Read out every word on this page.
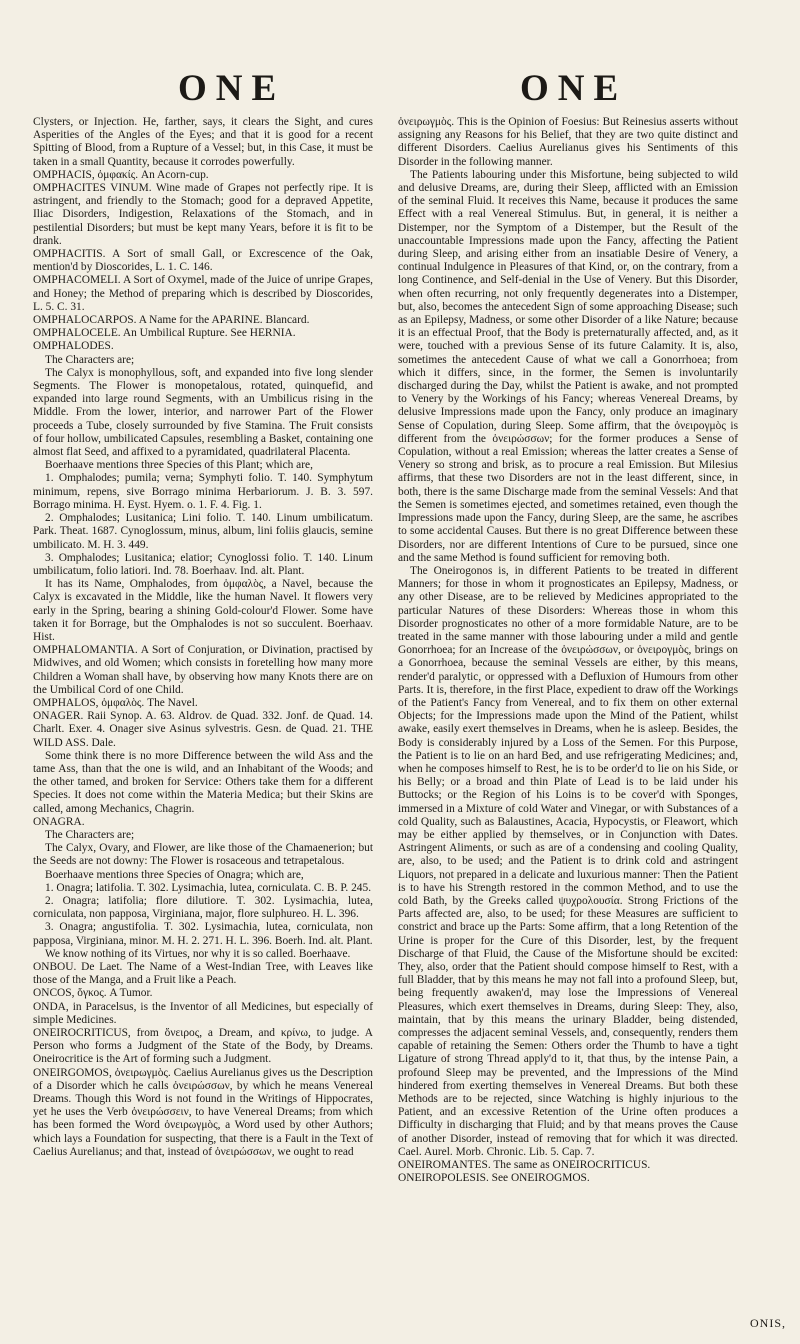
ONE	ONE

Clysters, or Injection. He, farther, says, it clears the Sight, and cures Asperities of the Angles of the Eyes; and that it is good for a recent Spitting of Blood, from a Rupture of a Vessel; but, in this Case, it must be taken in a small Quantity, because it corrodes powerfully.

OMPHACIS, ὀμφακίς. An Acorn-cup.

OMPHACITES VINUM. Wine made of Grapes not perfectly ripe. It is astringent, and friendly to the Stomach; good for a depraved Appetite, Iliac Disorders, Indigestion, Relaxations of the Stomach, and in pestilential Disorders; but must be kept many Years, before it is fit to be drank.

OMPHACITIS. A Sort of small Gall, or Excrescence of the Oak, mention'd by Dioscorides, L. 1. C. 146.

OMPHACOMELI. A Sort of Oxymel, made of the Juice of unripe Grapes, and Honey; the Method of preparing which is described by Dioscorides, L. 5. C. 31.

OMPHALOCARPOS. A Name for the APARINE. Blancard.

OMPHALOCELE. An Umbilical Rupture. See HERNIA.

OMPHALODES.

The Characters are;

The Calyx is monophyllous, soft, and expanded into five long slender Segments. The Flower is monopetalous, rotated, quinquefid, and expanded into large round Segments, with an Umbilicus rising in the Middle. From the lower, interior, and narrower Part of the Flower proceeds a Tube, closely surrounded by five Stamina. The Fruit consists of four hollow, umbilicated Capsules, resembling a Basket, containing one almost flat Seed, and affixed to a pyramidated, quadrilateral Placenta.

Boerhaave mentions three Species of this Plant; which are,

1. Omphalodes; pumila; verna; Symphyti folio. T. 140. Symphytum minimum, repens, sive Borrago minima Herbariorum. J. B. 3. 597. Borrago minima. H. Eyst. Hyem. o. 1. F. 4. Fig. 1.

2. Omphalodes; Lusitanica; Lini folio. T. 140. Linum umbilicatum. Park. Theat. 1687. Cynoglossum, minus, album, lini foliis glaucis, semine umbilicato. M. H. 3. 449.

3. Omphalodes; Lusitanica; elatior; Cynoglossi folio. T. 140. Linum umbilicatum, folio latiori. Ind. 78. Boerhaav. Ind. alt. Plant.

It has its Name, Omphalodes, from ὀμφαλὸς, a Navel, because the Calyx is excavated in the Middle, like the human Navel. It flowers very early in the Spring, bearing a shining Gold-colour'd Flower. Some have taken it for Borrage, but the Omphalodes is not so succulent. Boerhaav. Hist.

OMPHALOMANTIA. A Sort of Conjuration, or Divination, practised by Midwives, and old Women; which consists in foretelling how many more Children a Woman shall have, by observing how many Knots there are on the Umbilical Cord of one Child.

OMPHALOS, ὀμφαλὸς. The Navel.

ONAGER. Raii Synop. A. 63. Aldrov. de Quad. 332. Jonf. de Quad. 14. Charlt. Exer. 4. Onager sive Asinus sylvestris. Gesn. de Quad. 21. THE WILD ASS. Dale.

Some think there is no more Difference between the wild Ass and the tame Ass, than that the one is wild, and an Inhabitant of the Woods; and the other tamed, and broken for Service: Others take them for a different Species. It does not come within the Materia Medica; but their Skins are called, among Mechanics, Chagrin.

ONAGRA.

The Characters are;

The Calyx, Ovary, and Flower, are like those of the Chamaenerion; but the Seeds are not downy: The Flower is rosaceous and tetrapetalous.

Boerhaave mentions three Species of Onagra; which are,

1. Onagra; latifolia. T. 302. Lysimachia, lutea, corniculata. C. B. P. 245.

2. Onagra; latifolia; flore dilutiore. T. 302. Lysimachia, lutea, corniculata, non papposa, Virginiana, major, flore sulphureo. H. L. 396.

3. Onagra; angustifolia. T. 302. Lysimachia, lutea, corniculata, non papposa, Virginiana, minor. M. H. 2. 271. H. L. 396. Boerh. Ind. alt. Plant.

We know nothing of its Virtues, nor why it is so called. Boerhaave.

ONBOU. De Laet. The Name of a West-Indian Tree, with Leaves like those of the Manga, and a Fruit like a Peach.

ONCOS, ὄγκος. A Tumor.

ONDA, in Paracelsus, is the Inventor of all Medicines, but especially of simple Medicines.

ONEIROCRITICUS, from ὄνειρος, a Dream, and κρίνω, to judge. A Person who forms a Judgment of the State of the Body, by Dreams. Oneirocritice is the Art of forming such a Judgment.

ONEIRGOMOS, ὀνειρωγμὸς. Caelius Aurelianus gives us the Description of a Disorder which he calls ὀνειρώσσων, by which he means Venereal Dreams. Though this Word is not found in the Writings of Hippocrates, yet he uses the Verb ὀνειρώσσειν, to have Venereal Dreams; from which has been formed the Word ὀνειρωγμὸς, a Word used by other Authors; which lays a Foundation for suspecting, that there is a Fault in the Text of Caelius Aurelianus; and that, instead of ὀνειρώσσων, we ought to read

ὀνειρωγμὸς. This is the Opinion of Foesius: But Reinesius asserts without assigning any Reasons for his Belief, that they are two quite distinct and different Disorders. Caelius Aurelianus gives his Sentiments of this Disorder in the following manner.

The Patients labouring under this Misfortune, being subjected to wild and delusive Dreams, are, during their Sleep, afflicted with an Emission of the seminal Fluid. It receives this Name, because it produces the same Effect with a real Venereal Stimulus. But, in general, it is neither a Distemper, nor the Symptom of a Distemper, but the Result of the unaccountable Impressions made upon the Fancy, affecting the Patient during Sleep, and arising either from an insatiable Desire of Venery, a continual Indulgence in Pleasures of that Kind, or, on the contrary, from a long Continence, and Self-denial in the Use of Venery. But this Disorder, when often recurring, not only frequently degenerates into a Distemper, but, also, becomes the antecedent Sign of some approaching Disease; such as an Epilepsy, Madness, or some other Disorder of a like Nature; because it is an effectual Proof, that the Body is preternaturally affected, and, as it were, touched with a previous Sense of its future Calamity. It is, also, sometimes the antecedent Cause of what we call a Gonorrhoea; from which it differs, since, in the former, the Semen is involuntarily discharged during the Day, whilst the Patient is awake, and not prompted to Venery by the Workings of his Fancy; whereas Venereal Dreams, by delusive Impressions made upon the Fancy, only produce an imaginary Sense of Copulation, during Sleep. Some affirm, that the ὀνειρογμὸς is different from the ὀνειρώσσων; for the former produces a Sense of Copulation, without a real Emission; whereas the latter creates a Sense of Venery so strong and brisk, as to procure a real Emission. But Milesius affirms, that these two Disorders are not in the least different, since, in both, there is the same Discharge made from the seminal Vessels: And that the Semen is sometimes ejected, and sometimes retained, even though the Impressions made upon the Fancy, during Sleep, are the same, he ascribes to some accidental Causes. But there is no great Difference between these Disorders, nor are different Intentions of Cure to be pursued, since one and the same Method is found sufficient for removing both.

The Oneirogonos is, in different Patients to be treated in different Manners; for those in whom it prognosticates an Epilepsy, Madness, or any other Disease, are to be relieved by Medicines appropriated to the particular Natures of these Disorders: Whereas those in whom this Disorder prognosticates no other of a more formidable Nature, are to be treated in the same manner with those labouring under a mild and gentle Gonorrhoea; for an Increase of the ὀνειρώσσων, or ὀνειρογμὸς, brings on a Gonorrhoea, because the seminal Vessels are either, by this means, render'd paralytic, or oppressed with a Defluxion of Humours from other Parts. It is, therefore, in the first Place, expedient to draw off the Workings of the Patient's Fancy from Venereal, and to fix them on other external Objects; for the Impressions made upon the Mind of the Patient, whilst awake, easily exert themselves in Dreams, when he is asleep. Besides, the Body is considerably injured by a Loss of the Semen. For this Purpose, the Patient is to lie on an hard Bed, and use refrigerating Medicines; and, when he composes himself to Rest, he is to be order'd to lie on his Side, or his Belly; or a broad and thin Plate of Lead is to be laid under his Buttocks; or the Region of his Loins is to be cover'd with Sponges, immersed in a Mixture of cold Water and Vinegar, or with Substances of a cold Quality, such as Balaustines, Acacia, Hypocystis, or Fleawort, which may be either applied by themselves, or in Conjunction with Dates. Astringent Aliments, or such as are of a condensing and cooling Quality, are, also, to be used; and the Patient is to drink cold and astringent Liquors, not prepared in a delicate and luxurious manner: Then the Patient is to have his Strength restored in the common Method, and to use the cold Bath, by the Greeks called ψυχρολουσία. Strong Frictions of the Parts affected are, also, to be used; for these Measures are sufficient to constrict and brace up the Parts: Some affirm, that a long Retention of the Urine is proper for the Cure of this Disorder, lest, by the frequent Discharge of that Fluid, the Cause of the Misfortune should be excited: They, also, order that the Patient should compose himself to Rest, with a full Bladder, that by this means he may not fall into a profound Sleep, but, being frequently awaken'd, may lose the Impressions of Venereal Pleasures, which exert themselves in Dreams, during Sleep: They, also, maintain, that by this means the urinary Bladder, being distended, compresses the adjacent seminal Vessels, and, consequently, renders them capable of retaining the Semen: Others order the Thumb to have a tight Ligature of strong Thread apply'd to it, that thus, by the intense Pain, a profound Sleep may be prevented, and the Impressions of the Mind hindered from exerting themselves in Venereal Dreams. But both these Methods are to be rejected, since Watching is highly injurious to the Patient, and an excessive Retention of the Urine often produces a Difficulty in discharging that Fluid; and by that means proves the Cause of another Disorder, instead of removing that for which it was directed. Cael. Aurel. Morb. Chronic. Lib. 5. Cap. 7.

ONEIROMANTES. The same as ONEIROCRITICUS.

ONEIROPOLESIS. See ONEIROGMOS.

ONIS,
